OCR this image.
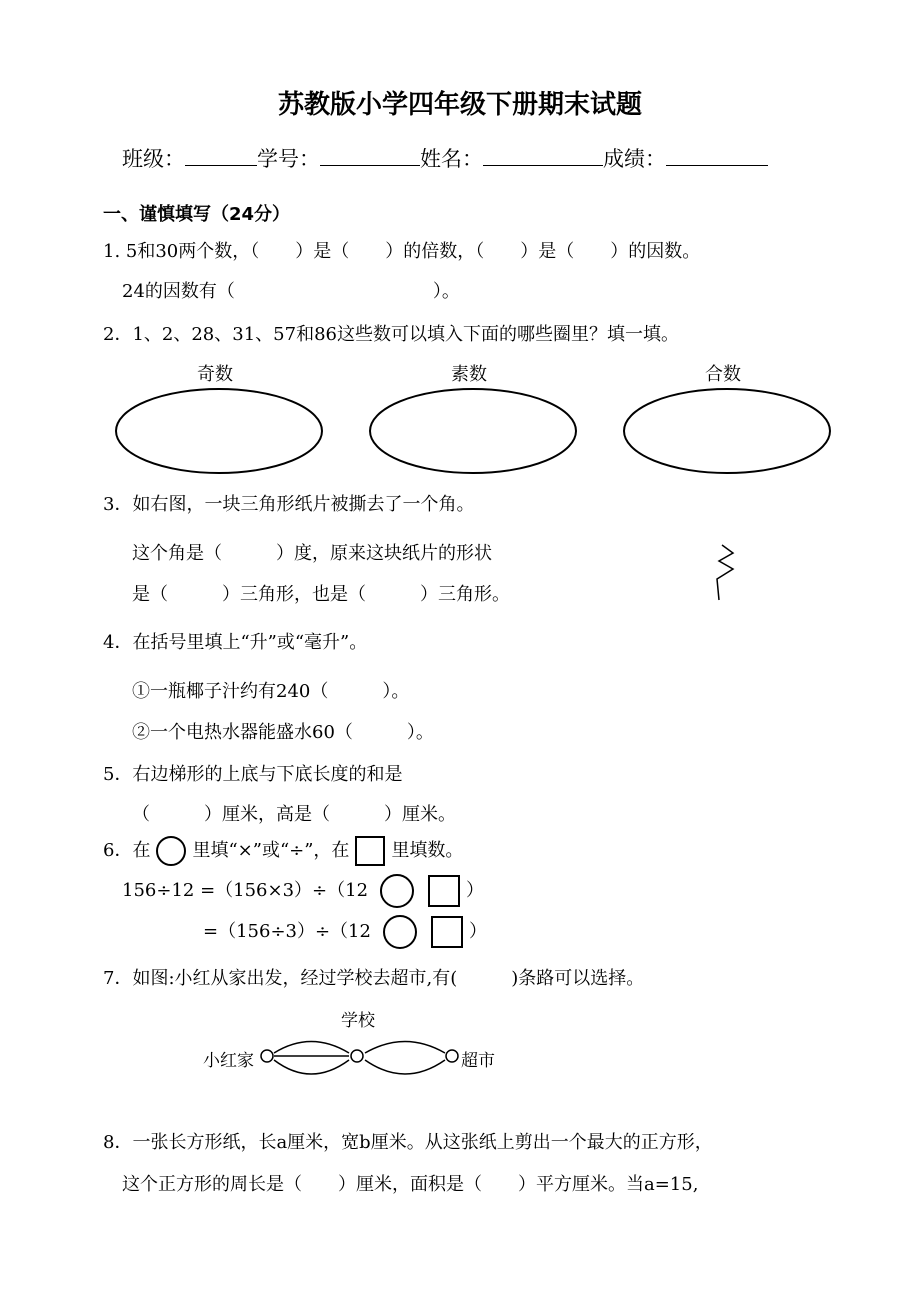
苏教版小学四年级下册期末试题
班级：	学号：	姓名：	成绩：
一、谨慎填写（24分）
1. 5和30两个数，（　　）是（　　）的倍数，（　　）是（　　）的因数。
24的因数有（　　　　　　　　　　　）。
2．1、2、28、31、57和86这些数可以填入下面的哪些圈里？填一填。
奇数	素数	合数
3．如右图，一块三角形纸片被撕去了一个角。
这个角是（　　　）度，原来这块纸片的形状
是（　　　）三角形，也是（　　　）三角形。
4．在括号里填上“升”或“毫升”。
①一瓶椰子汁约有240（　　　）。
②一个电热水器能盛水60（　　　）。
5．右边梯形的上底与下底长度的和是
（　　　）厘米，高是（　　　）厘米。
6．在 里填“×”或“÷”，在 里填数。
156÷12 =（156×3）÷（12	）
=（156÷3）÷（12	）
7．如图:小红从家出发，经过学校去超市,有(　　　)条路可以选择。
学校
小红家	超市
8．一张长方形纸，长a厘米，宽b厘米。从这张纸上剪出一个最大的正方形，
这个正方形的周长是（　　）厘米，面积是（　　）平方厘米。当a=15,
